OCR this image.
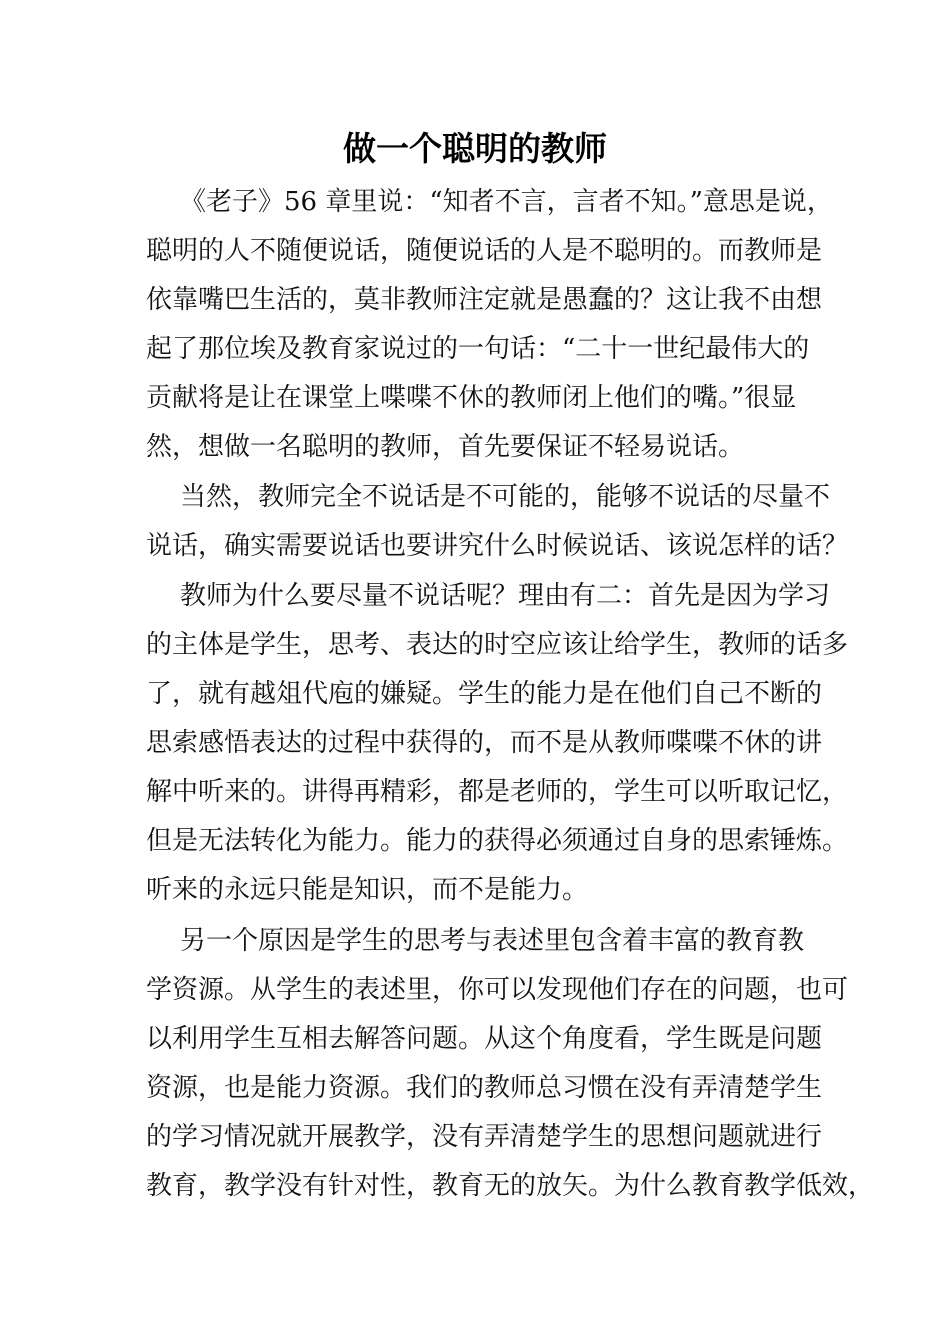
做一个聪明的教师

《老子》56 章里说：“知者不言，言者不知。”意思是说，

聪明的人不随便说话，随便说话的人是不聪明的。而教师是

依靠嘴巴生活的，莫非教师注定就是愚蠢的？这让我不由想

起了那位埃及教育家说过的一句话：“二十一世纪最伟大的

贡献将是让在课堂上喋喋不休的教师闭上他们的嘴。”很显

然，想做一名聪明的教师，首先要保证不轻易说话。

当然，教师完全不说话是不可能的，能够不说话的尽量不

说话，确实需要说话也要讲究什么时候说话、该说怎样的话？

教师为什么要尽量不说话呢？理由有二：首先是因为学习

的主体是学生，思考、表达的时空应该让给学生，教师的话多

了，就有越俎代庖的嫌疑。学生的能力是在他们自己不断的

思索感悟表达的过程中获得的，而不是从教师喋喋不休的讲

解中听来的。讲得再精彩，都是老师的，学生可以听取记忆，

但是无法转化为能力。能力的获得必须通过自身的思索锤炼。

听来的永远只能是知识，而不是能力。

另一个原因是学生的思考与表述里包含着丰富的教育教

学资源。从学生的表述里，你可以发现他们存在的问题，也可

以利用学生互相去解答问题。从这个角度看，学生既是问题

资源，也是能力资源。我们的教师总习惯在没有弄清楚学生

的学习情况就开展教学，没有弄清楚学生的思想问题就进行

教育，教学没有针对性，教育无的放矢。为什么教育教学低效，
